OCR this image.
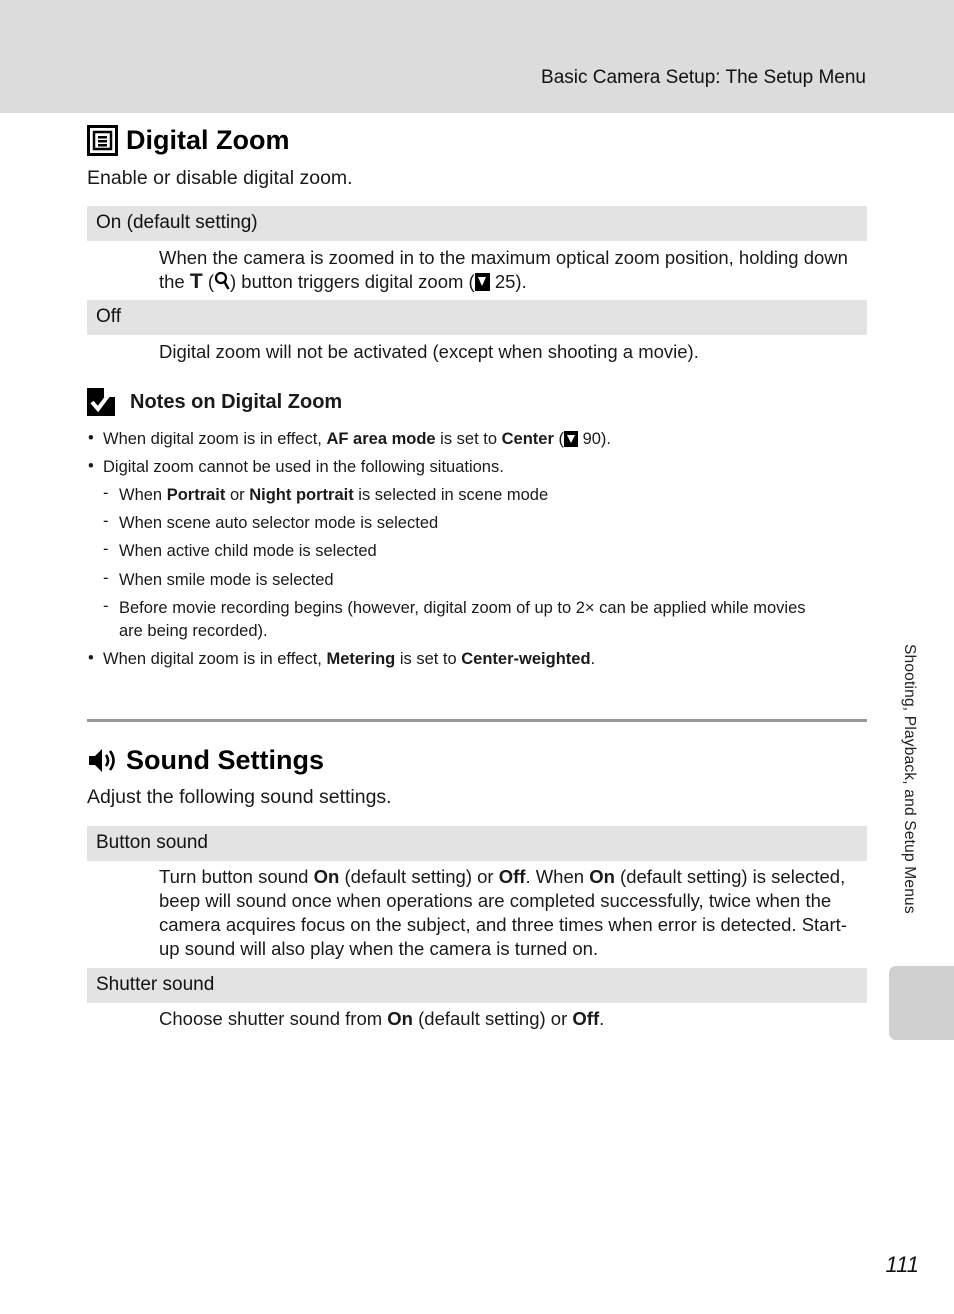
Basic Camera Setup: The Setup Menu
Shooting, Playback, and Setup Menus
Digital Zoom

Enable or disable digital zoom.

On (default setting)
When the camera is zoomed in to the maximum optical zoom position, holding down the T ( ) button triggers digital zoom ( 25).
Off
Digital zoom will not be activated (except when shooting a movie).
Notes on Digital Zoom
• When digital zoom is in effect, AF area mode is set to Center ( 90).
• Digital zoom cannot be used in the following situations.
- When Portrait or Night portrait is selected in scene mode
- When scene auto selector mode is selected
- When active child mode is selected
- When smile mode is selected
- Before movie recording begins (however, digital zoom of up to 2× can be applied while movies
are being recorded).
• When digital zoom is in effect, Metering is set to Center-weighted.
Sound Settings

Adjust the following sound settings.

Button sound
Turn button sound On (default setting) or Off. When On (default setting) is selected, beep will sound once when operations are completed successfully, twice when the camera acquires focus on the subject, and three times when error is detected. Start-up sound will also play when the camera is turned on.
Shutter sound
Choose shutter sound from On (default setting) or Off.
111
